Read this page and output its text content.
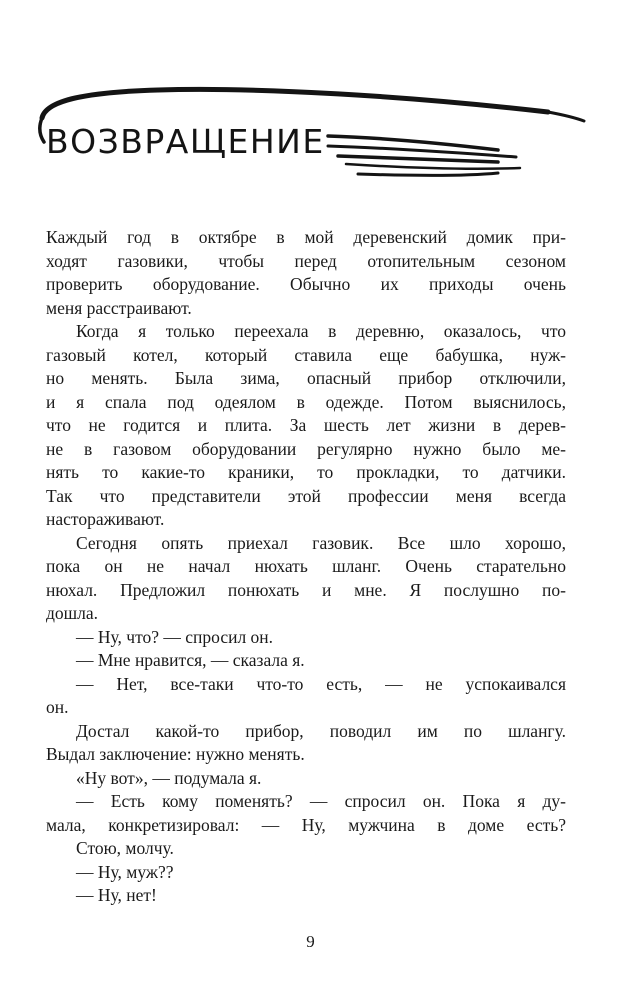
ВОЗВРАЩЕНИЕ
Каждый год в октябре в мой деревенский домик при-
ходят газовики, чтобы перед отопительным сезоном
проверить оборудование. Обычно их приходы очень
меня расстраивают.
Когда я только переехала в деревню, оказалось, что
газовый котел, который ставила еще бабушка, нуж-
но менять. Была зима, опасный прибор отключили,
и я спала под одеялом в одежде. Потом выяснилось,
что не годится и плита. За шесть лет жизни в дерев-
не в газовом оборудовании регулярно нужно было ме-
нять то какие-то краники, то прокладки, то датчики.
Так что представители этой профессии меня всегда
настораживают.
Сегодня опять приехал газовик. Все шло хорошо,
пока он не начал нюхать шланг. Очень старательно
нюхал. Предложил понюхать и мне. Я послушно по-
дошла.
— Ну, что? — спросил он.
— Мне нравится, — сказала я.
— Нет, все-таки что-то есть, — не успокаивался
он.
Достал какой-то прибор, поводил им по шлангу.
Выдал заключение: нужно менять.
«Ну вот», — подумала я.
— Есть кому поменять? — спросил он. Пока я ду-
мала, конкретизировал: — Ну, мужчина в доме есть?
Стою, молчу.
— Ну, муж??
— Ну, нет!
9
